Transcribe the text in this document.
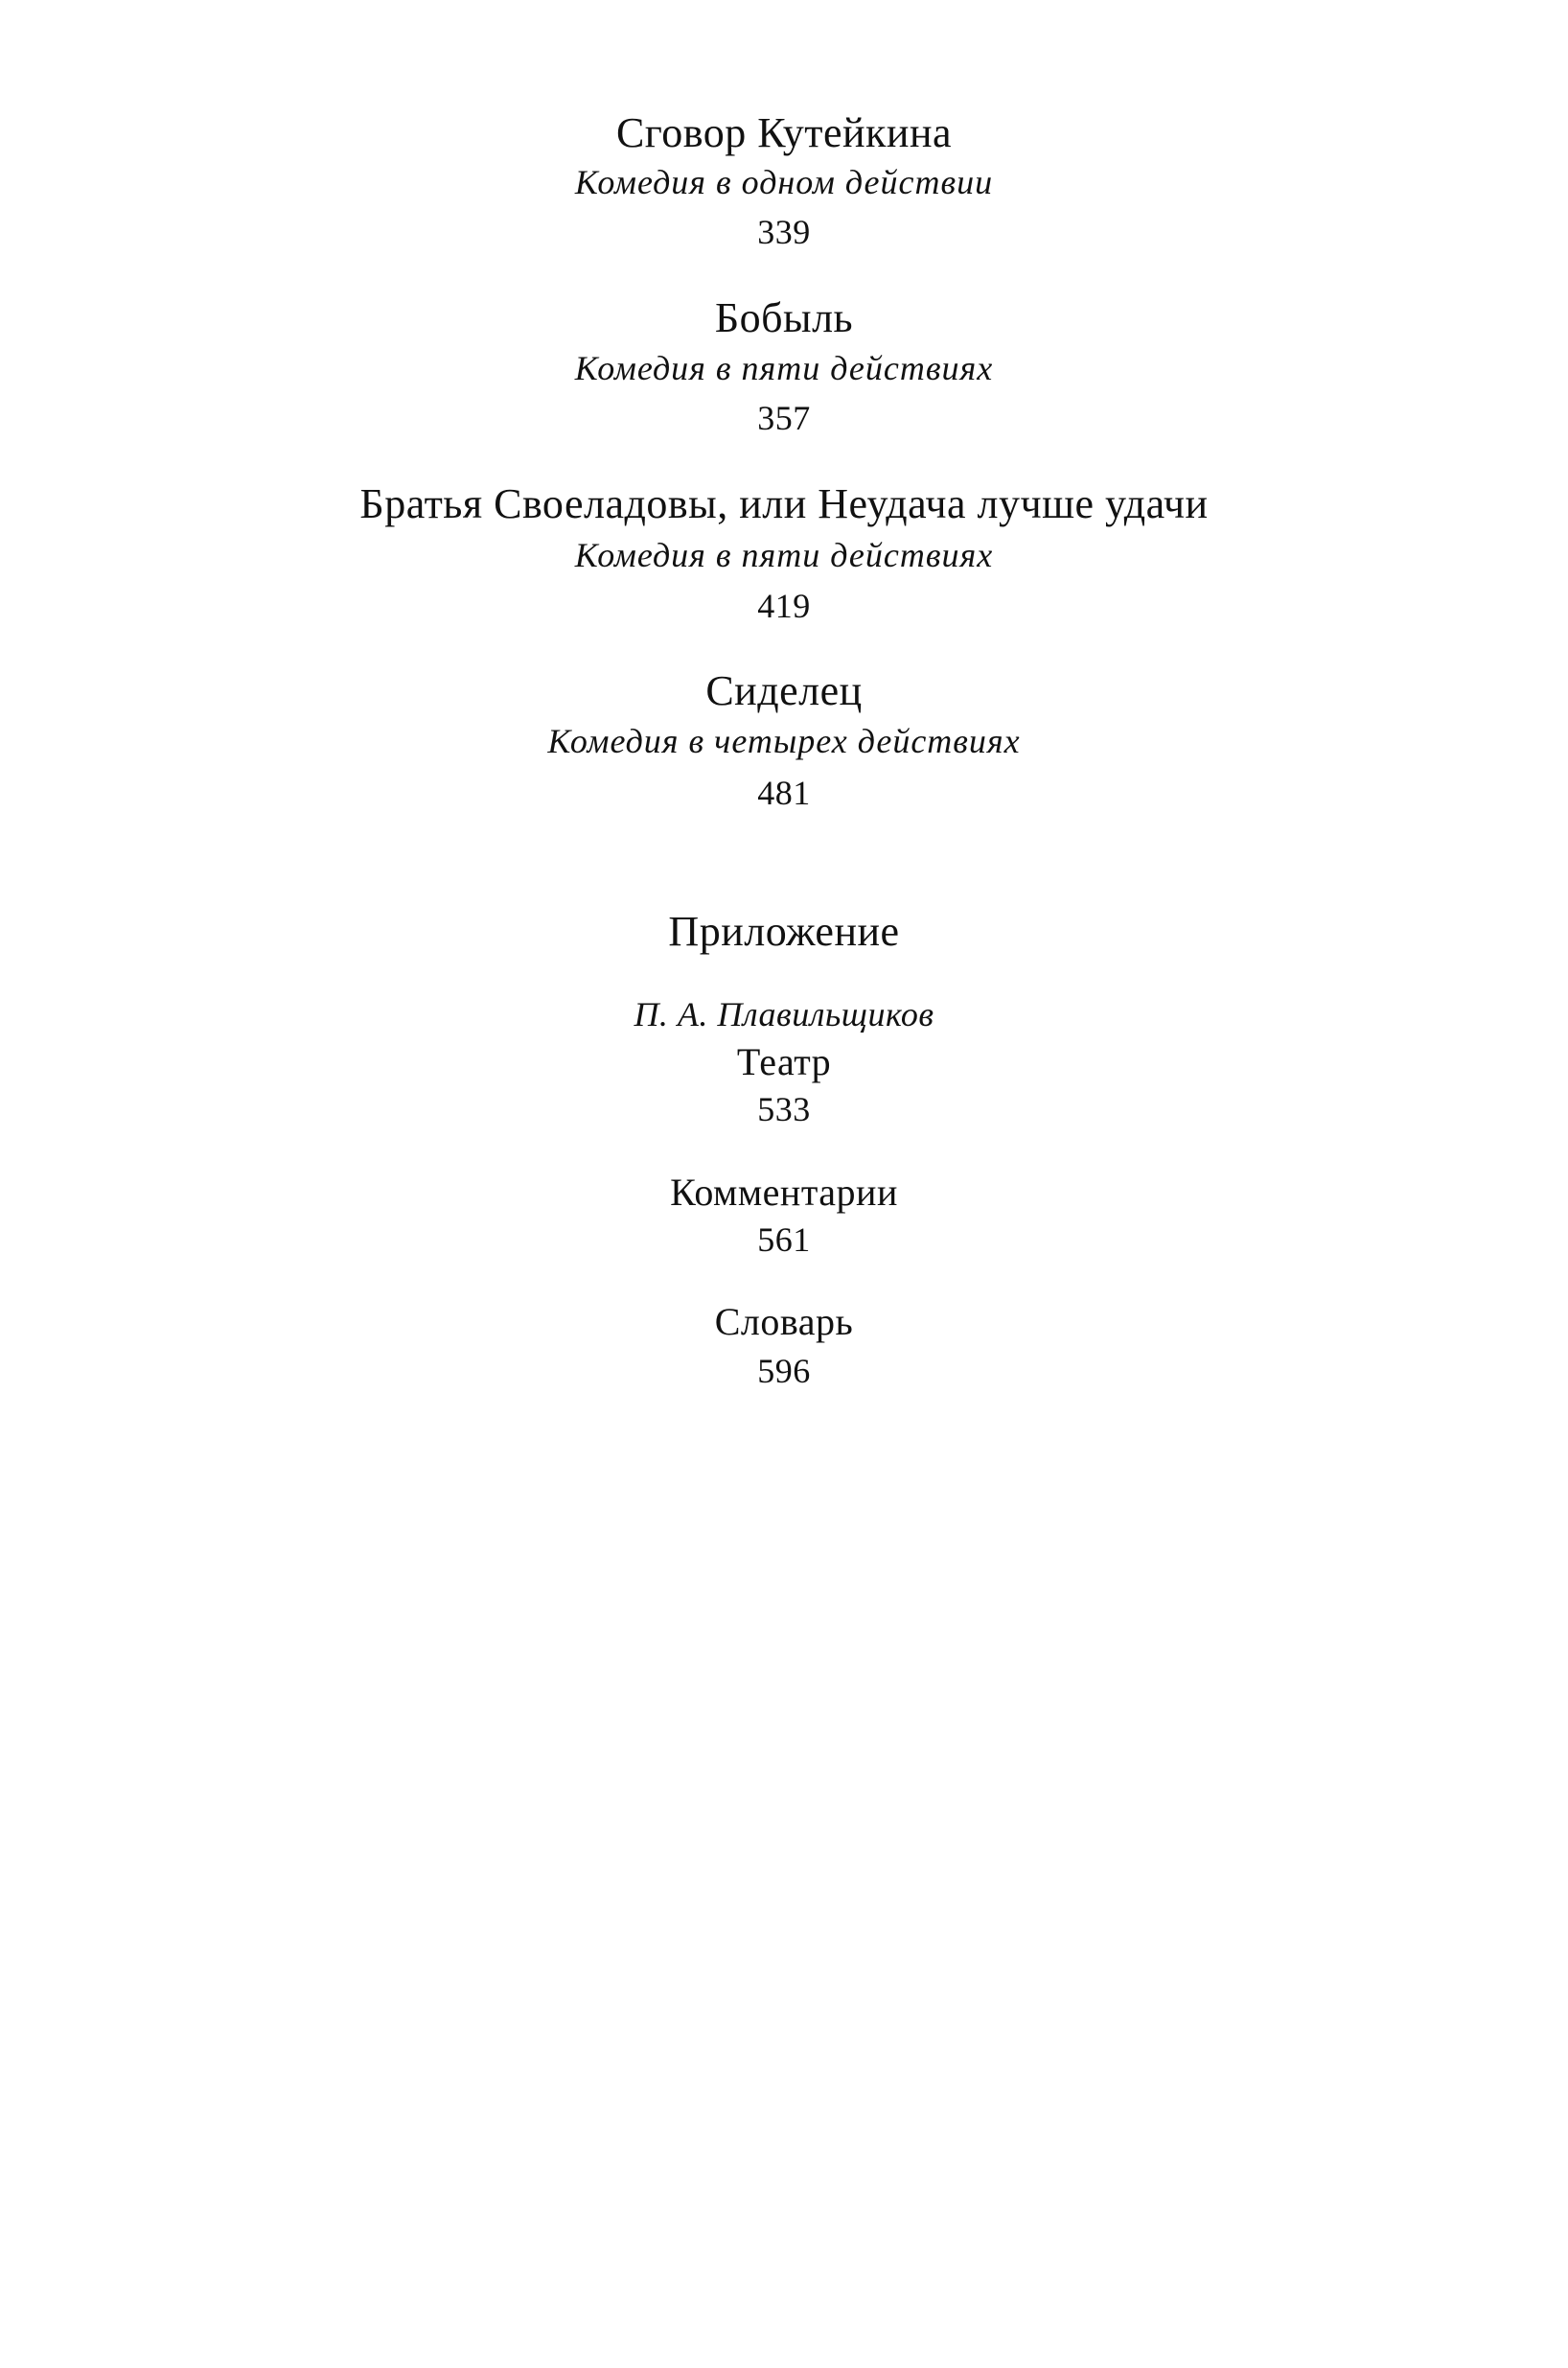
Сговор Кутейкина
Комедия в одном действии
339
Бобыль
Комедия в пяти действиях
357
Братья Своеладовы, или Неудача лучше удачи
Комедия в пяти действиях
419
Сиделец
Комедия в четырех действиях
481
Приложение
П. А. Плавильщиков
Театр
533
Комментарии
561
Словарь
596
